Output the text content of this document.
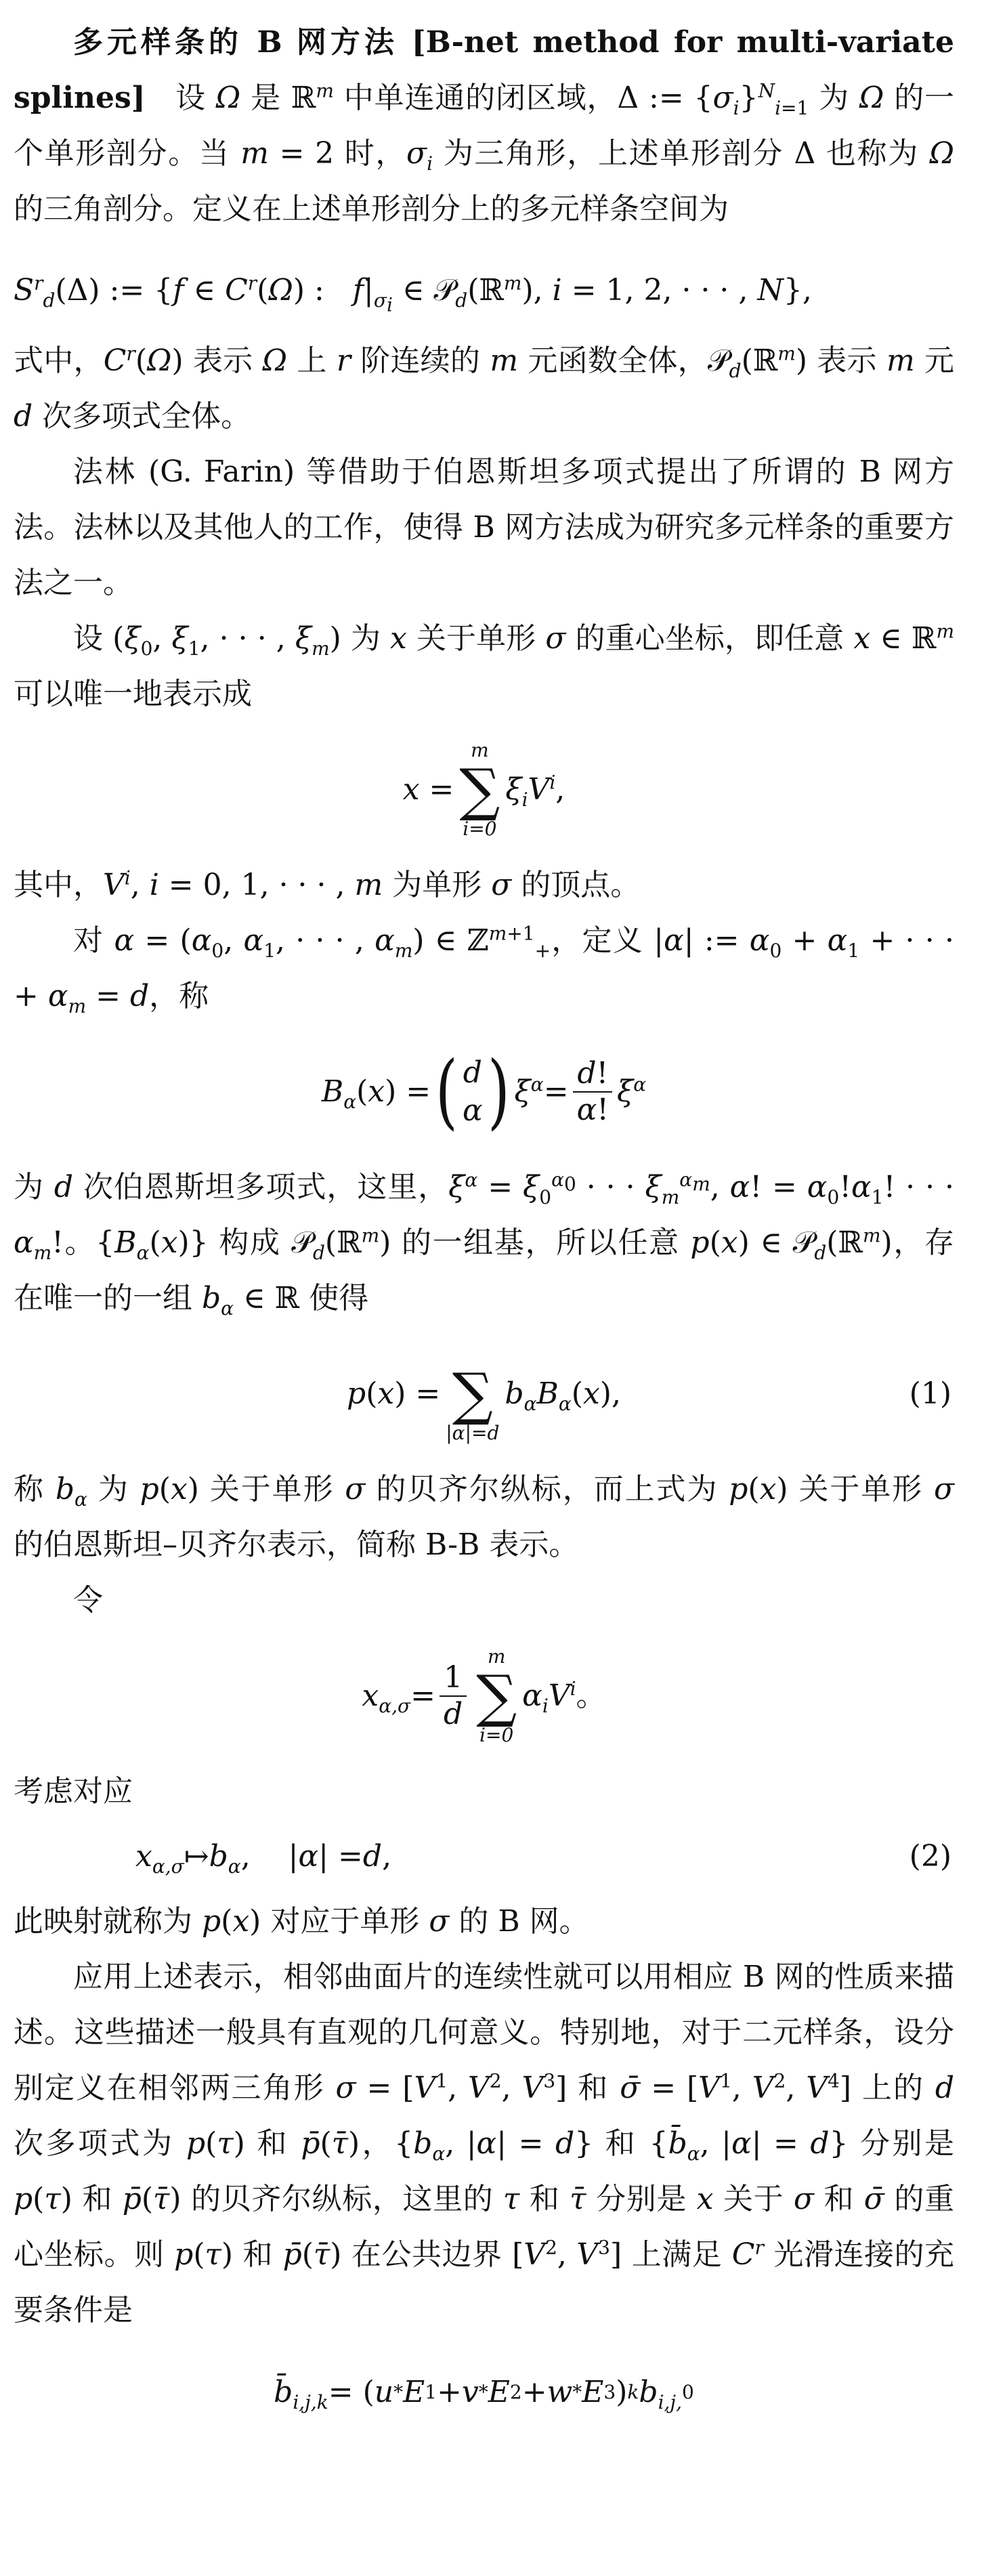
多元样条的 B 网方法 [B-net method for multi-variate splines] 设 Ω 是 ℝ$^m$ 中单连通的闭区域，Δ := $\{\sigma_i\}^N_{i=1}$ 为 Ω 的一个单形剖分。当 m = 2 时，$\sigma_i$ 为三角形，上述单形剖分 Δ 也称为 Ω 的三角剖分。定义在上述单形剖分上的多元样条空间为

$S^r_d(\Delta)$ := {f ∈ $C^r(\Omega)$ :   $f|_{\sigma_i}$ ∈ 𝒫$_d$(ℝ$^m$), i = 1, 2, · · · , N},

式中，$C^r(\Omega)$ 表示 Ω 上 r 阶连续的 m 元函数全体，𝒫$_d$(ℝ$^m$) 表示 m 元 d 次多项式全体。

法林 (G. Farin) 等借助于伯恩斯坦多项式提出了所谓的 B 网方法。法林以及其他人的工作，使得 B 网方法成为研究多元样条的重要方法之一。

设 ($\xi_0$, $\xi_1$, · · · , $\xi_m$) 为 x 关于单形 σ 的重心坐标，即任意 x ∈ ℝ$^m$ 可以唯一地表示成

x =
m
∑
i=0
$\xi_iV^i$ ,

其中，$V^i$, i = 0, 1, · · · , m 为单形 σ 的顶点。

对 $\alpha = (\alpha_0$, $\alpha_1$, · · · , $\alpha_m$) ∈ ℤ$^{m+1}_+$，定义 |α| := $\alpha_0 + \alpha_1$ + · · · + $\alpha_m = d$，称

$B_\alpha$ ( x ) = ( d
α ) $\xi^\alpha = \frac{d!}{\alpha!} \xi^\alpha$

为 d 次伯恩斯坦多项式，这里，$\xi^\alpha = \xi_0^{\alpha_0}$ · · · $\xi_m^{\alpha_m}$, α! = $\alpha_0!\alpha_1$! · · · $\alpha_m$!。$\{B_\alpha(x)\}$ 构成 𝒫$_d$(ℝ$^m$) 的一组基，所以任意 p(x) ∈ 𝒫$_d$(ℝ$^m$)，存在唯一的一组 $b_\alpha$ ∈ ℝ 使得

p ( x ) =
∑
|α|=d
$b_\alpha B_\alpha$ ( x ),	(1)

称 $b_\alpha$ 为 p(x) 关于单形 σ 的贝齐尔纵标，而上式为 p(x) 关于单形 σ 的伯恩斯坦–贝齐尔表示，简称 B-B 表示。

令

$x_{\alpha,\sigma} = \frac{1}{d}$
m
∑
i=0
$\alpha_iV^i$ 。

考虑对应

$x_{\alpha,\sigma}$ ↦ $b_\alpha$ ,    | α | = d ,	(2)

此映射就称为 p(x) 对应于单形 σ 的 B 网。

应用上述表示，相邻曲面片的连续性就可以用相应 B 网的性质来描述。这些描述一般具有直观的几何意义。特别地，对于二元样条，设分别定义在相邻两三角形 $\sigma = [V^1$, $V^2$, $V^3$] 和 σ̄ = [$V^1$, $V^2$, $V^4$] 上的 d 次多项式为 p(τ) 和 p̄(τ̄)，{$b_\alpha$, |α| = d} 和 {$b̄_\alpha$, |α| = d} 分别是 p(τ) 和 p̄(τ̄) 的贝齐尔纵标，这里的 τ 和 τ̄ 分别是 x 关于 σ 和 σ̄ 的重心坐标。则 p(τ) 和 p̄(τ̄) 在公共边界 [$V^2$, $V^3$] 上满足 $C^r$ 光滑连接的充要条件是

$b̄_{i,j,k}$ = ( u * E 1 + v * E 2 + w * E 3 ) k $b_{i,j,}$ 0
